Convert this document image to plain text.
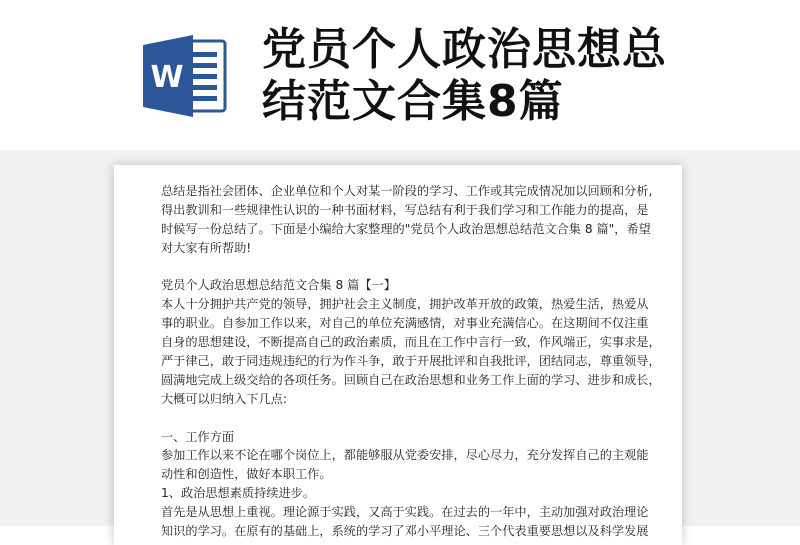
W
党员个人政治思想总
结范文合集8篇
总结是指社会团体、企业单位和个人对某一阶段的学习、工作或其完成情况加以回顾和分析,
得出教训和一些规律性认识的一种书面材料，写总结有利于我们学习和工作能力的提高，是
时候写一份总结了。下面是小编给大家整理的"党员个人政治思想总结范文合集 8 篇"，希望
对大家有所帮助!
党员个人政治思想总结范文合集 8 篇【一】
本人十分拥护共产党的领导，拥护社会主义制度，拥护改革开放的政策，热爱生活，热爱从
事的职业。自参加工作以来，对自己的单位充满感情，对事业充满信心。在这期间不仅注重
自身的思想建设，不断提高自己的政治素质，而且在工作中言行一致，作风端正，实事求是，
严于律己，敢于同违规违纪的行为作斗争，敢于开展批评和自我批评，团结同志，尊重领导，
圆满地完成上级交给的各项任务。回顾自己在政治思想和业务工作上面的学习、进步和成长，
大概可以归纳入下几点:
一、工作方面
参加工作以来不论在哪个岗位上，都能够服从党委安排，尽心尽力，充分发挥自己的主观能
动性和创造性，做好本职工作。
1、政治思想素质持续进步。
首先是从思想上重视。理论源于实践，又高于实践。在过去的一年中，主动加强对政治理论
知识的学习。在原有的基础上，系统的学习了邓小平理论、三个代表重要思想以及科学发展
